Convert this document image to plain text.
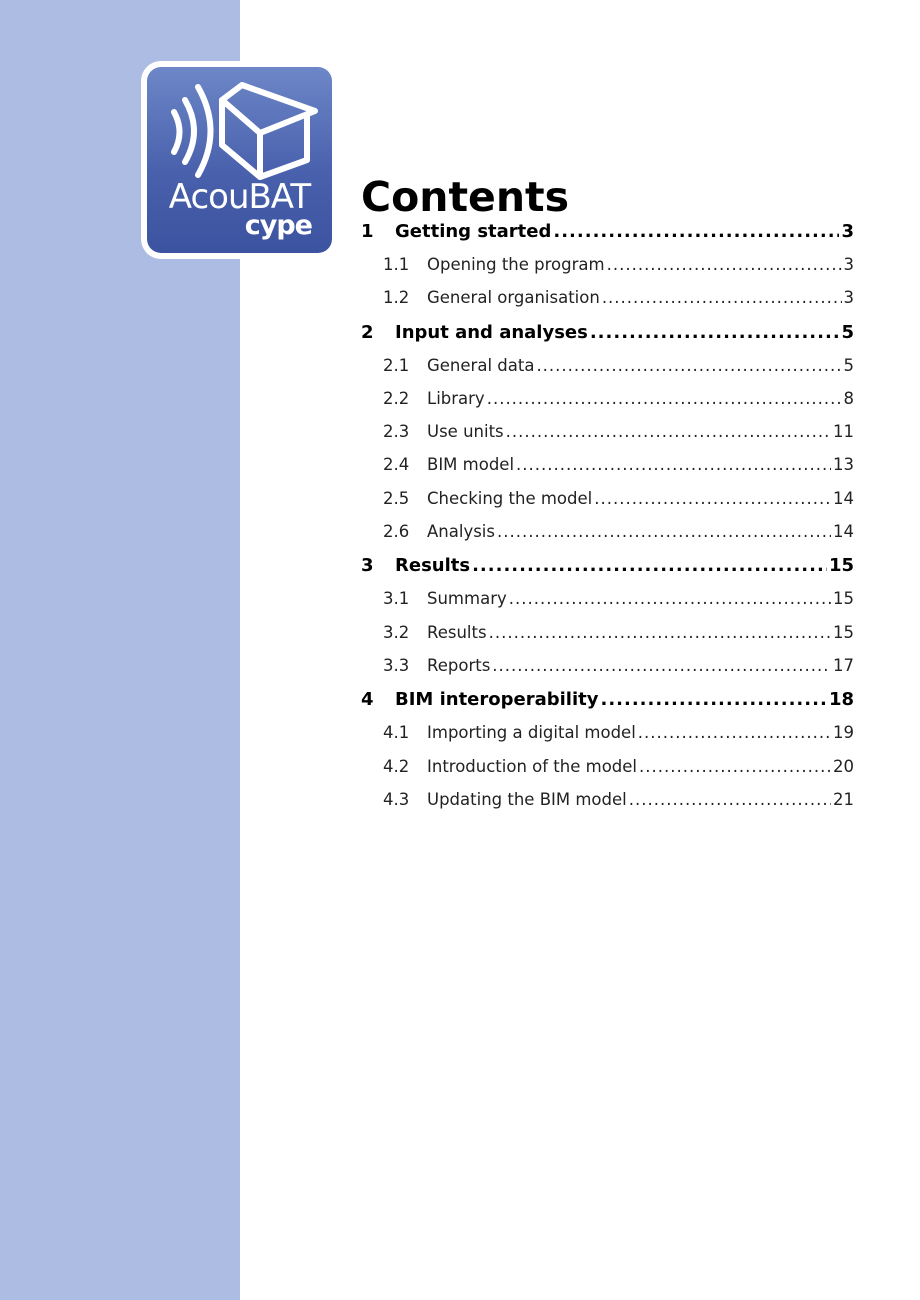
AcouBAT
cype
Contents
1	Getting started .....	3
1.1	Opening the program .....	3
1.2	General organisation .....	3
2	Input and analyses .....	5
2.1	General data .....	5
2.2	Library .....	8
2.3	Use units .....	11
2.4	BIM model .....	13
2.5	Checking the model .....	14
2.6	Analysis .....	14
3	Results .....	15
3.1	Summary .....	15
3.2	Results .....	15
3.3	Reports .....	17
4	BIM interoperability .....	18
4.1	Importing a digital model .....	19
4.2	Introduction of the model .....	20
4.3	Updating the BIM model .....	21
